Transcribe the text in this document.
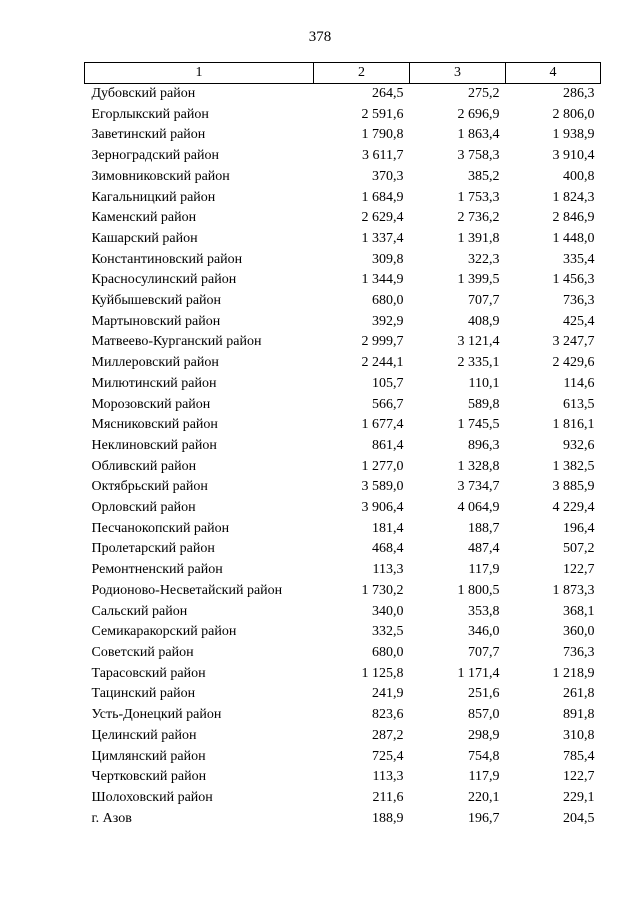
378
1	2	3	4
Дубовский район	264,5	275,2	286,3
Егорлыкский район	2 591,6	2 696,9	2 806,0
Заветинский район	1 790,8	1 863,4	1 938,9
Зерноградский район	3 611,7	3 758,3	3 910,4
Зимовниковский район	370,3	385,2	400,8
Кагальницкий район	1 684,9	1 753,3	1 824,3
Каменский район	2 629,4	2 736,2	2 846,9
Кашарский район	1 337,4	1 391,8	1 448,0
Константиновский район	309,8	322,3	335,4
Красносулинский район	1 344,9	1 399,5	1 456,3
Куйбышевский район	680,0	707,7	736,3
Мартыновский район	392,9	408,9	425,4
Матвеево-Курганский район	2 999,7	3 121,4	3 247,7
Миллеровский район	2 244,1	2 335,1	2 429,6
Милютинский район	105,7	110,1	114,6
Морозовский район	566,7	589,8	613,5
Мясниковский район	1 677,4	1 745,5	1 816,1
Неклиновский район	861,4	896,3	932,6
Обливский район	1 277,0	1 328,8	1 382,5
Октябрьский район	3 589,0	3 734,7	3 885,9
Орловский район	3 906,4	4 064,9	4 229,4
Песчанокопский район	181,4	188,7	196,4
Пролетарский район	468,4	487,4	507,2
Ремонтненский район	113,3	117,9	122,7
Родионово-Несветайский район	1 730,2	1 800,5	1 873,3
Сальский район	340,0	353,8	368,1
Семикаракорский район	332,5	346,0	360,0
Советский район	680,0	707,7	736,3
Тарасовский район	1 125,8	1 171,4	1 218,9
Тацинский район	241,9	251,6	261,8
Усть-Донецкий район	823,6	857,0	891,8
Целинский район	287,2	298,9	310,8
Цимлянский район	725,4	754,8	785,4
Чертковский район	113,3	117,9	122,7
Шолоховский район	211,6	220,1	229,1
г. Азов	188,9	196,7	204,5
